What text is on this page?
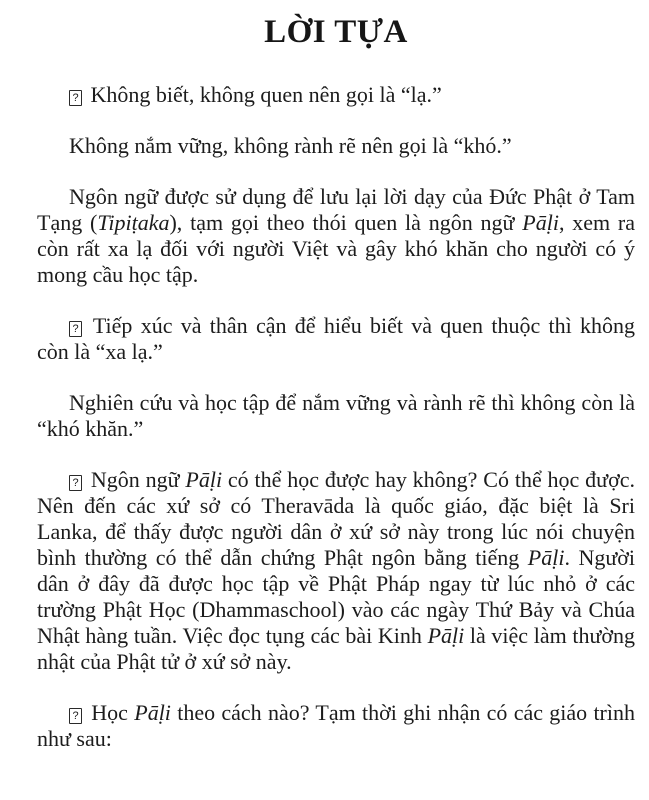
LỜI TỰA

? Không biết, không quen nên gọi là “lạ.”

Không nắm vững, không rành rẽ nên gọi là “khó.”

Ngôn ngữ được sử dụng để lưu lại lời dạy của Đức Phật ở Tam Tạng (Tipiṭaka), tạm gọi theo thói quen là ngôn ngữ Pāḷi, xem ra còn rất xa lạ đối với người Việt và gây khó khăn cho người có ý mong cầu học tập.

? Tiếp xúc và thân cận để hiểu biết và quen thuộc thì không còn là “xa lạ.”

Nghiên cứu và học tập để nắm vững và rành rẽ thì không còn là “khó khăn.”

? Ngôn ngữ Pāḷi có thể học được hay không? Có thể học được. Nên đến các xứ sở có Theravāda là quốc giáo, đặc biệt là Sri Lanka, để thấy được người dân ở xứ sở này trong lúc nói chuyện bình thường có thể dẫn chứng Phật ngôn bằng tiếng Pāḷi. Người dân ở đây đã được học tập về Phật Pháp ngay từ lúc nhỏ ở các trường Phật Học (Dhammaschool) vào các ngày Thứ Bảy và Chúa Nhật hàng tuần. Việc đọc tụng các bài Kinh Pāḷi là việc làm thường nhật của Phật tử ở xứ sở này.

? Học Pāḷi theo cách nào? Tạm thời ghi nhận có các giáo trình như sau:
